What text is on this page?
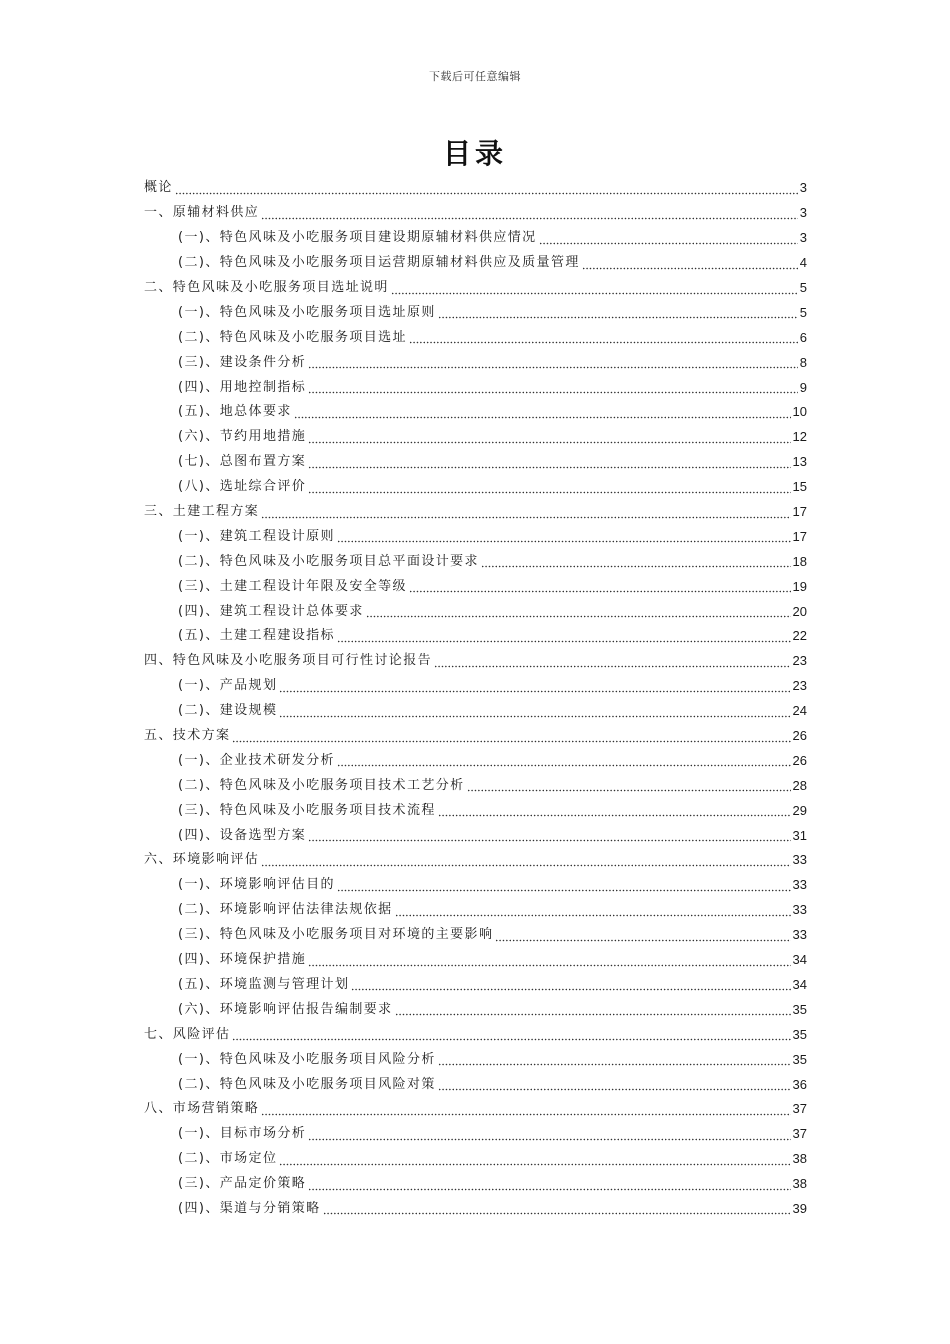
下载后可任意编辑
目录
概论	3
一、原辅材料供应	3
(一)、特色风味及小吃服务项目建设期原辅材料供应情况	3
(二)、特色风味及小吃服务项目运营期原辅材料供应及质量管理	4
二、特色风味及小吃服务项目选址说明	5
(一)、特色风味及小吃服务项目选址原则	5
(二)、特色风味及小吃服务项目选址	6
(三)、建设条件分析	8
(四)、用地控制指标	9
(五)、地总体要求	10
(六)、节约用地措施	12
(七)、总图布置方案	13
(八)、选址综合评价	15
三、土建工程方案	17
(一)、建筑工程设计原则	17
(二)、特色风味及小吃服务项目总平面设计要求	18
(三)、土建工程设计年限及安全等级	19
(四)、建筑工程设计总体要求	20
(五)、土建工程建设指标	22
四、特色风味及小吃服务项目可行性讨论报告	23
(一)、产品规划	23
(二)、建设规模	24
五、技术方案	26
(一)、企业技术研发分析	26
(二)、特色风味及小吃服务项目技术工艺分析	28
(三)、特色风味及小吃服务项目技术流程	29
(四)、设备选型方案	31
六、环境影响评估	33
(一)、环境影响评估目的	33
(二)、环境影响评估法律法规依据	33
(三)、特色风味及小吃服务项目对环境的主要影响	33
(四)、环境保护措施	34
(五)、环境监测与管理计划	34
(六)、环境影响评估报告编制要求	35
七、风险评估	35
(一)、特色风味及小吃服务项目风险分析	35
(二)、特色风味及小吃服务项目风险对策	36
八、市场营销策略	37
(一)、目标市场分析	37
(二)、市场定位	38
(三)、产品定价策略	38
(四)、渠道与分销策略	39
